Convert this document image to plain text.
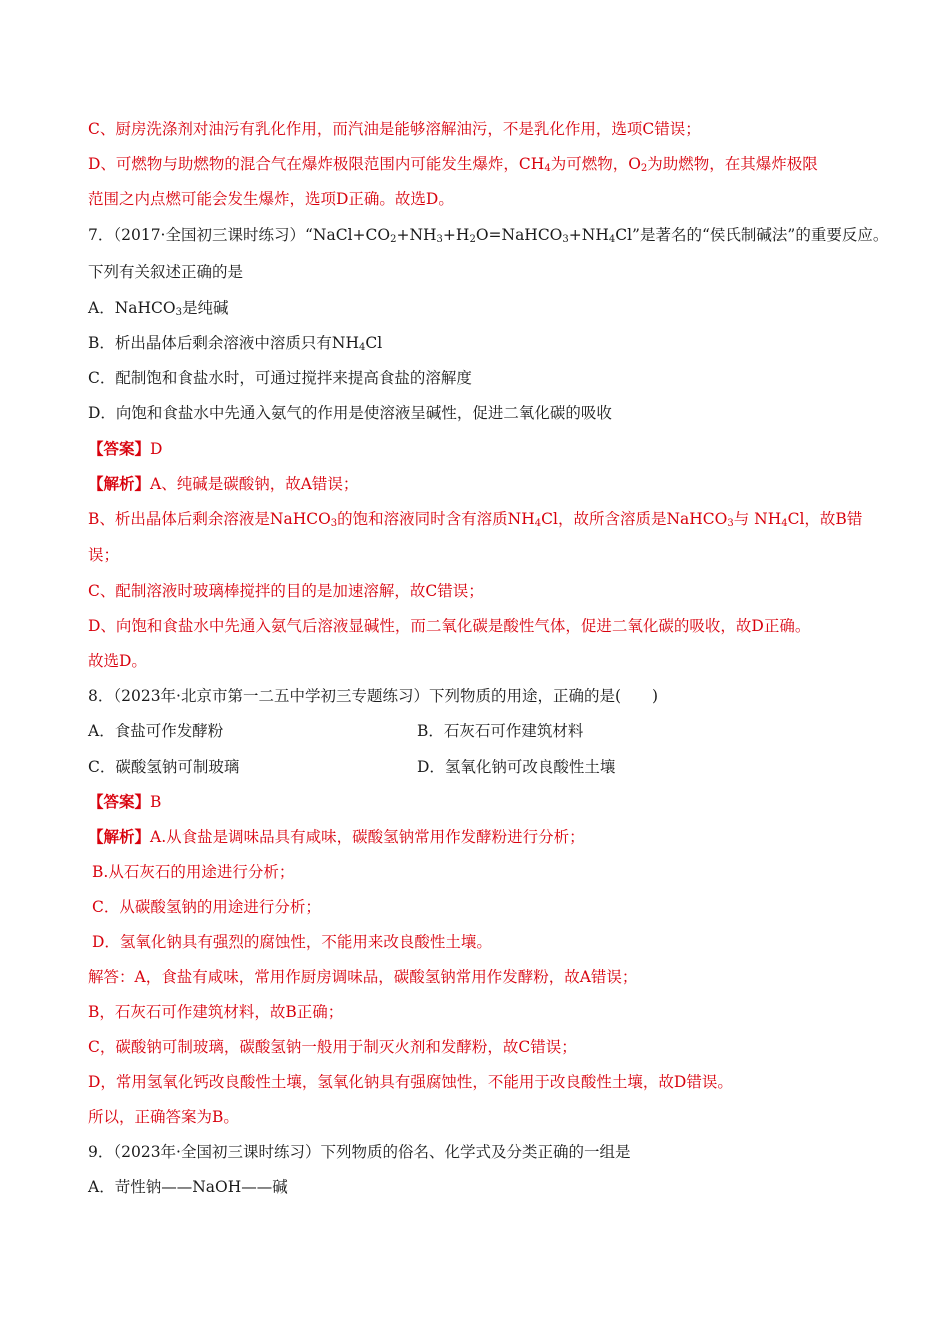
C、厨房洗涤剂对油污有乳化作用，而汽油是能够溶解油污，不是乳化作用，选项C错误；
D、可燃物与助燃物的混合气在爆炸极限范围内可能发生爆炸，$CH_4$为可燃物，$O_2$为助燃物，在其爆炸极限
范围之内点燃可能会发生爆炸，选项D正确。故选D。
7．（2017·全国初三课时练习）“$NaCl+CO_2+NH_3+H_2O=NaHCO_3+NH_4Cl$”是著名的“侯氏制碱法”的重要反应。
下列有关叙述正确的是
A．NaHCO$_3$是纯碱
B．析出晶体后剩余溶液中溶质只有$NH_4Cl$
C．配制饱和食盐水时，可通过搅拌来提高食盐的溶解度
D．向饱和食盐水中先通入氨气的作用是使溶液呈碱性，促进二氧化碳的吸收
【答案】D
【解析】A、纯碱是碳酸钠，故A错误；
B、析出晶体后剩余溶液是NaHCO$_3$的饱和溶液同时含有溶质$NH_4Cl$，故所含溶质是NaHCO$_3$与 $NH_4Cl$，故B错
误；
C、配制溶液时玻璃棒搅拌的目的是加速溶解，故C错误；
D、向饱和食盐水中先通入氨气后溶液显碱性，而二氧化碳是酸性气体，促进二氧化碳的吸收，故D正确。
故选D。
8．（2023年·北京市第一二五中学初三专题练习）下列物质的用途，正确的是(　　)
A．食盐可作发酵粉	B．石灰石可作建筑材料
C．碳酸氢钠可制玻璃	D．氢氧化钠可改良酸性土壤
【答案】B
【解析】A.从食盐是调味品具有咸味，碳酸氢钠常用作发酵粉进行分析；
B.从石灰石的用途进行分析；
C．从碳酸氢钠的用途进行分析；
D．氢氧化钠具有强烈的腐蚀性，不能用来改良酸性土壤。
解答：A，食盐有咸味，常用作厨房调味品，碳酸氢钠常用作发酵粉，故A错误；
B，石灰石可作建筑材料，故B正确；
C，碳酸钠可制玻璃，碳酸氢钠一般用于制灭火剂和发酵粉，故C错误；
D，常用氢氧化钙改良酸性土壤，氢氧化钠具有强腐蚀性，不能用于改良酸性土壤，故D错误。
所以，正确答案为B。
9．（2023年·全国初三课时练习）下列物质的俗名、化学式及分类正确的一组是
A．苛性钠——NaOH——碱
